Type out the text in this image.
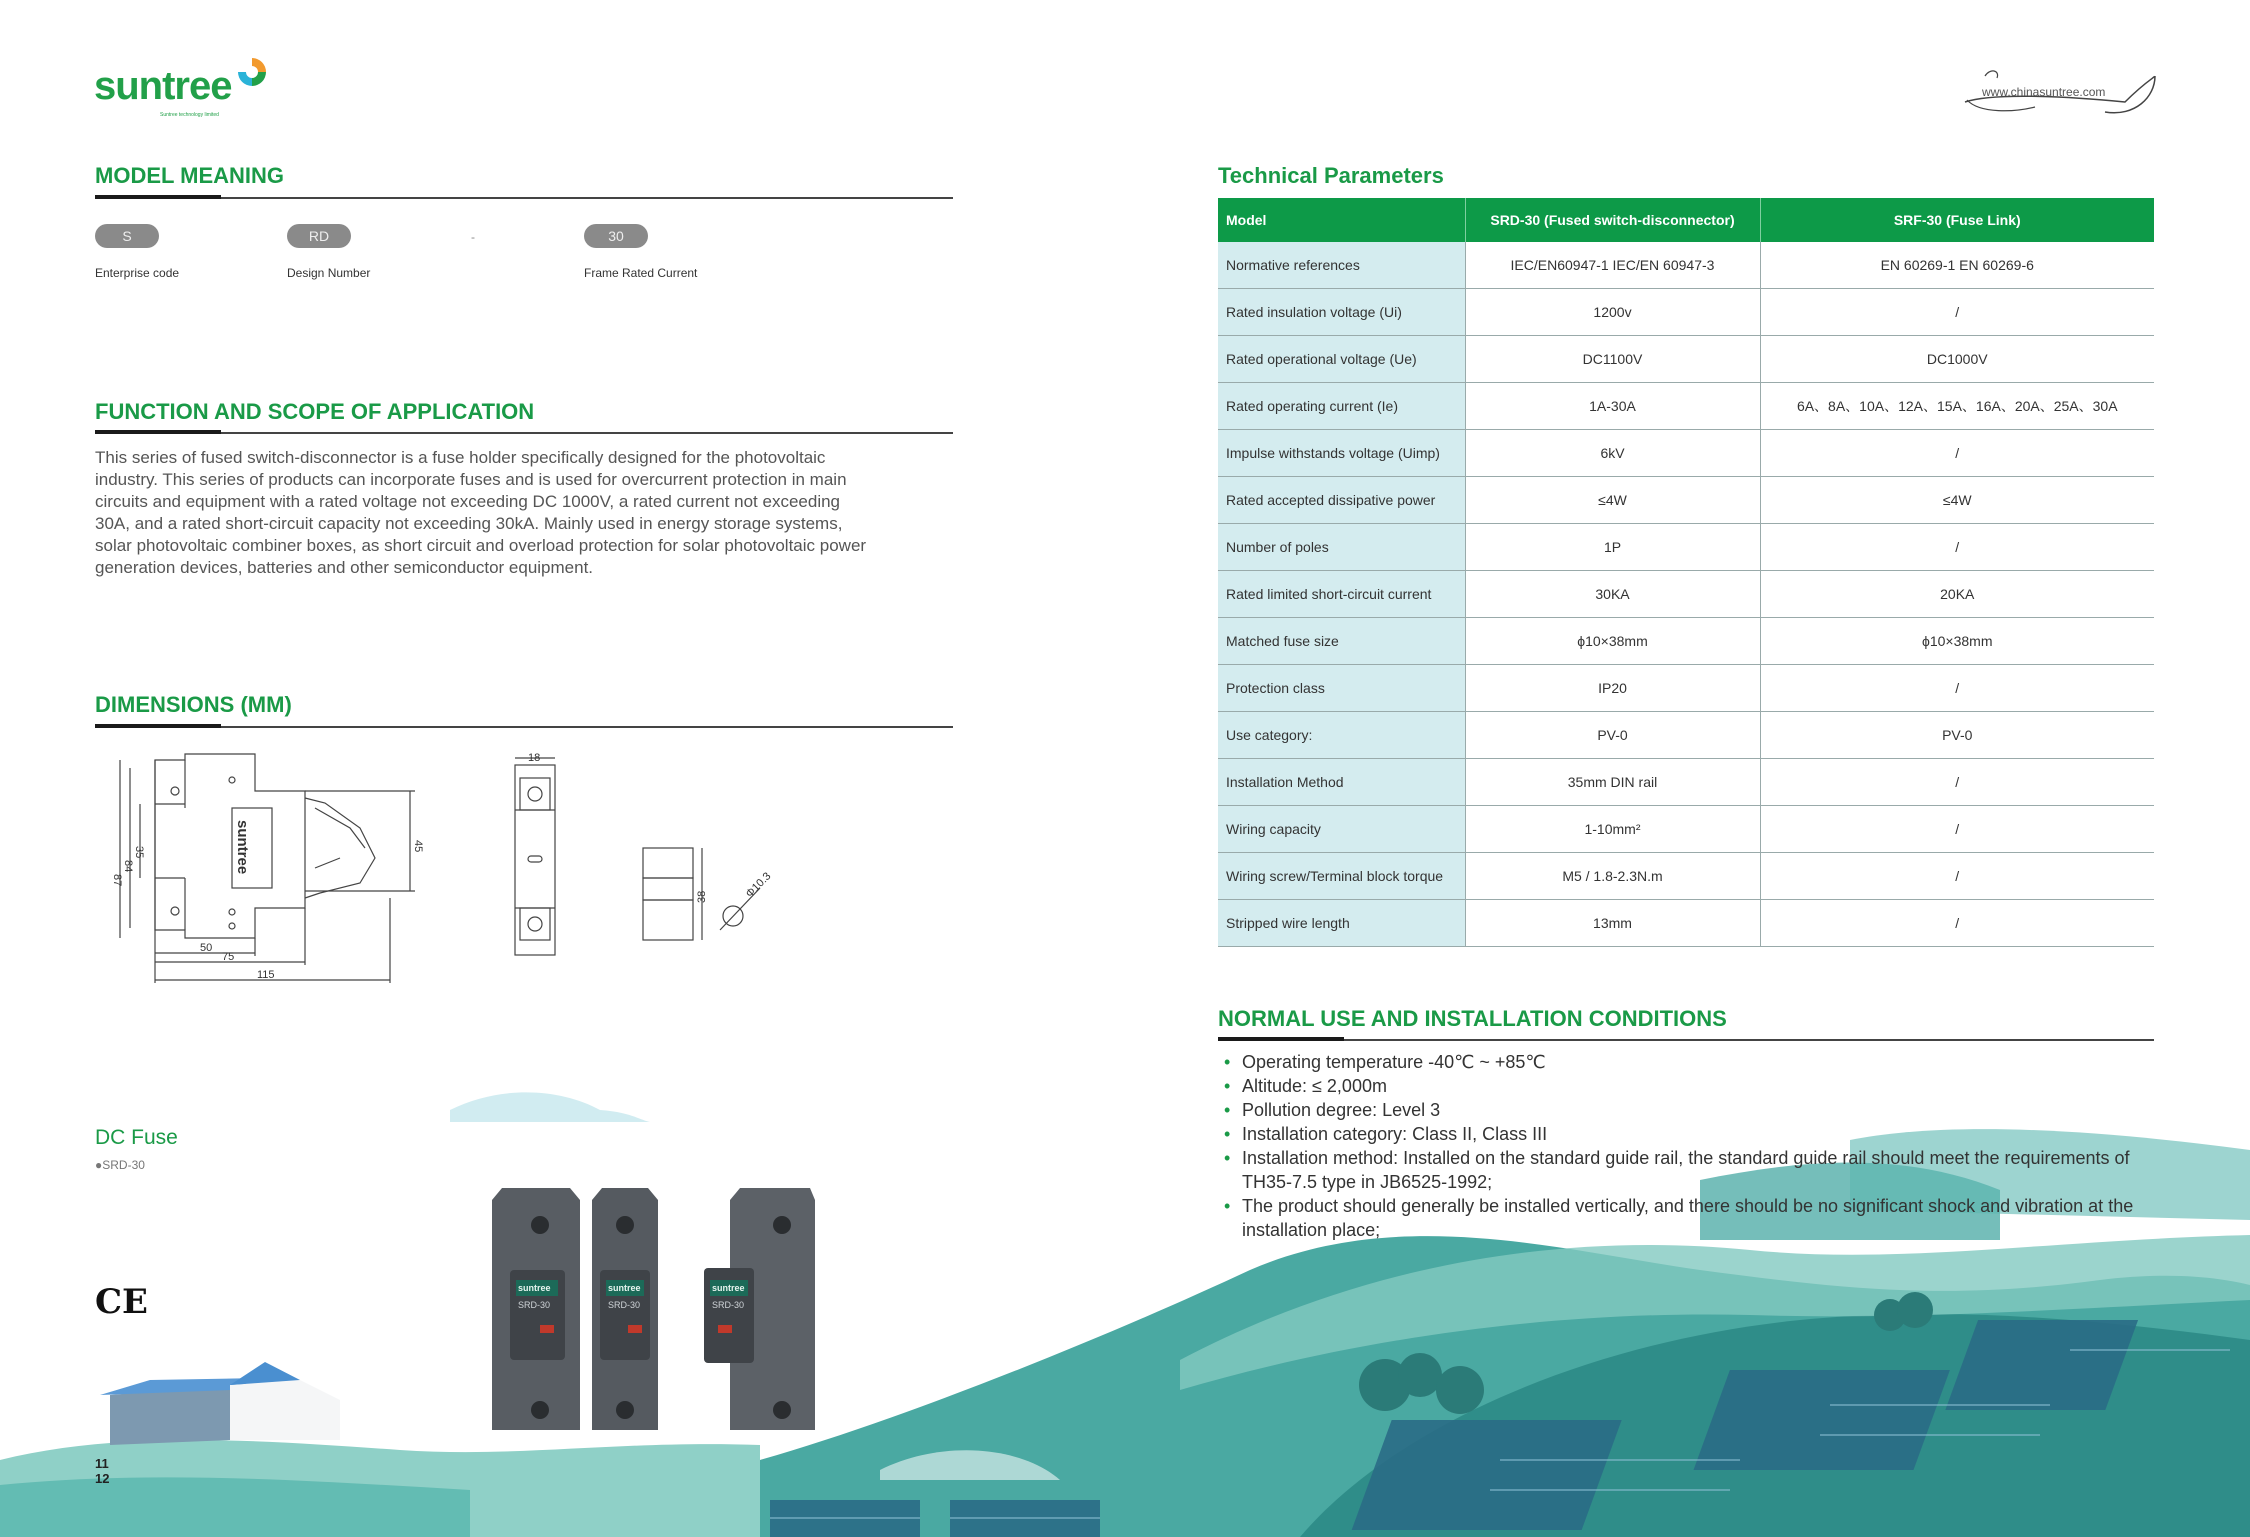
suntree
Suntree technology limited
www.chinasuntree.com
MODEL MEANING
S
Enterprise code
RD
Design Number
-	30
Frame Rated Current
FUNCTION AND SCOPE OF APPLICATION
This series of fused switch-disconnector is a fuse holder specifically designed for the photovoltaic
industry. This series of products can incorporate fuses and is used for overcurrent protection in main
circuits and equipment with a rated voltage not exceeding DC 1000V, a rated current not exceeding
30A, and a rated short-circuit capacity not exceeding 30kA. Mainly used in energy storage systems,
solar photovoltaic combiner boxes, as short circuit and overload protection for solar photovoltaic power
generation devices, batteries and other semiconductor equipment.
DIMENSIONS (MM)
87
84
35	45
50
75
115
18
38	Φ10.3
suntree
DC Fuse
●SRD-30
CE	suntree	suntree	suntree
SRD-30	SRD-30	SRD-30
11
12
Technical Parameters
Model	SRD-30 (Fused switch-disconnector)	SRF-30 (Fuse Link)
Normative references	IEC/EN60947-1 IEC/EN 60947-3	EN 60269-1 EN 60269-6
Rated insulation voltage (Ui)	1200v	/
Rated operational voltage (Ue)	DC1100V	DC1000V
Rated operating current (Ie)	1A-30A	6A、8A、10A、12A、15A、16A、20A、25A、30A
Impulse withstands voltage (Uimp)	6kV	/
Rated accepted dissipative power	≤4W	≤4W
Number of poles	1P	/
Rated limited short-circuit current	30KA	20KA
Matched fuse size	ϕ10×38mm	ϕ10×38mm
Protection class	IP20	/
Use category:	PV-0	PV-0
Installation Method	35mm DIN rail	/
Wiring capacity	1-10mm²	/
Wiring screw/Terminal block torque	M5 / 1.8-2.3N.m	/
Stripped wire length	13mm	/
NORMAL USE AND INSTALLATION CONDITIONS
• Operating temperature -40℃ ~ +85℃
• Altitude: ≤ 2,000m
• Pollution degree: Level 3
• Installation category: Class II, Class III
• Installation method: Installed on the standard guide rail, the standard guide rail should meet the requirements of TH35-7.5 type in JB6525-1992;
• The product should generally be installed vertically, and there should be no significant shock and vibration at the installation place;
